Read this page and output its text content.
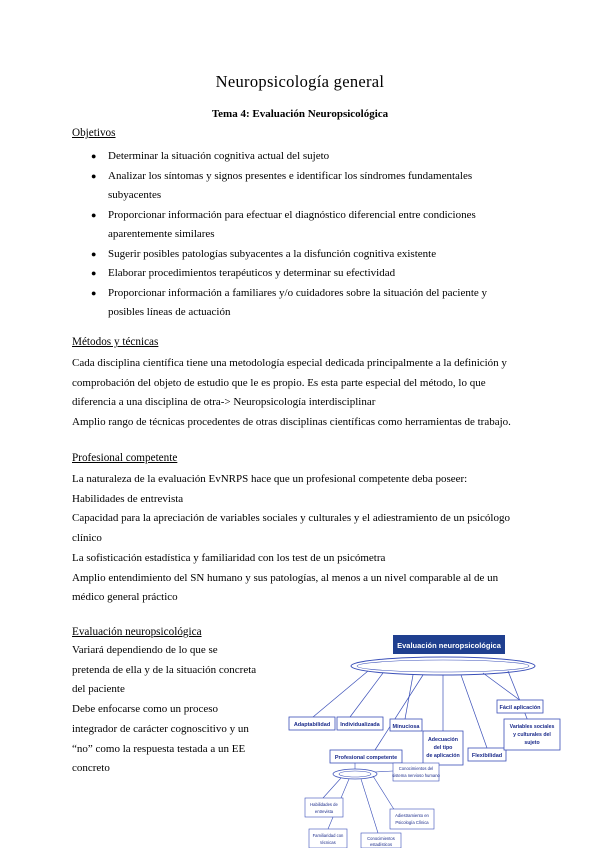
Neuropsicología general
Tema 4: Evaluación Neuropsicológica
Objetivos
● Determinar la situación cognitiva actual del sujeto
● Analizar los síntomas y signos presentes e identificar los síndromes fundamentales subyacentes
● Proporcionar información para efectuar el diagnóstico diferencial entre condiciones aparentemente similares
● Sugerir posibles patologías subyacentes a la disfunción cognitiva existente
● Elaborar procedimientos terapéuticos y determinar su efectividad
● Proporcionar información a familiares y/o cuidadores sobre la situación del paciente y posibles líneas de actuación
Métodos y técnicas
Cada disciplina científica tiene una metodología especial dedicada principalmente a la definición y
comprobación del objeto de estudio que le es propio. Es esta parte especial del método, lo que
diferencia a una disciplina de otra-> Neuropsicología interdisciplinar
Amplio rango de técnicas procedentes de otras disciplinas científicas como herramientas de trabajo.
Profesional competente
La naturaleza de la evaluación EvNRPS hace que un profesional competente deba poseer:
Habilidades de entrevista
Capacidad para la apreciación de variables sociales y culturales y el adiestramiento de un psicólogo
clínico
La sofisticación estadística y familiaridad con los test de un psicómetra
Amplio entendimiento del SN humano y sus patologías, al menos a un nivel comparable al de un
médico general práctico
Evaluación neuropsicológica
Variará dependiendo de lo que se
pretenda de ella y de la situación concreta
del paciente
Debe enfocarse como un proceso
integrador de carácter cognoscitivo y un
“no” como la respuesta testada a un EE
concreto
Evaluación neuropsicológica
Adaptabilidad Individualizada Minuciosa
Adecuación
del tipo
de aplicación Flexibilidad
Fácil aplicación
Variables sociales
y culturales del
sujeto
Profesional competente
Conocimientos del
sistema nervioso humano
Habilidades de
entrevista
Adiestramiento en
Psicología Clínica
Familiaridad con
técnicas
Conocimientos
estadísticos
